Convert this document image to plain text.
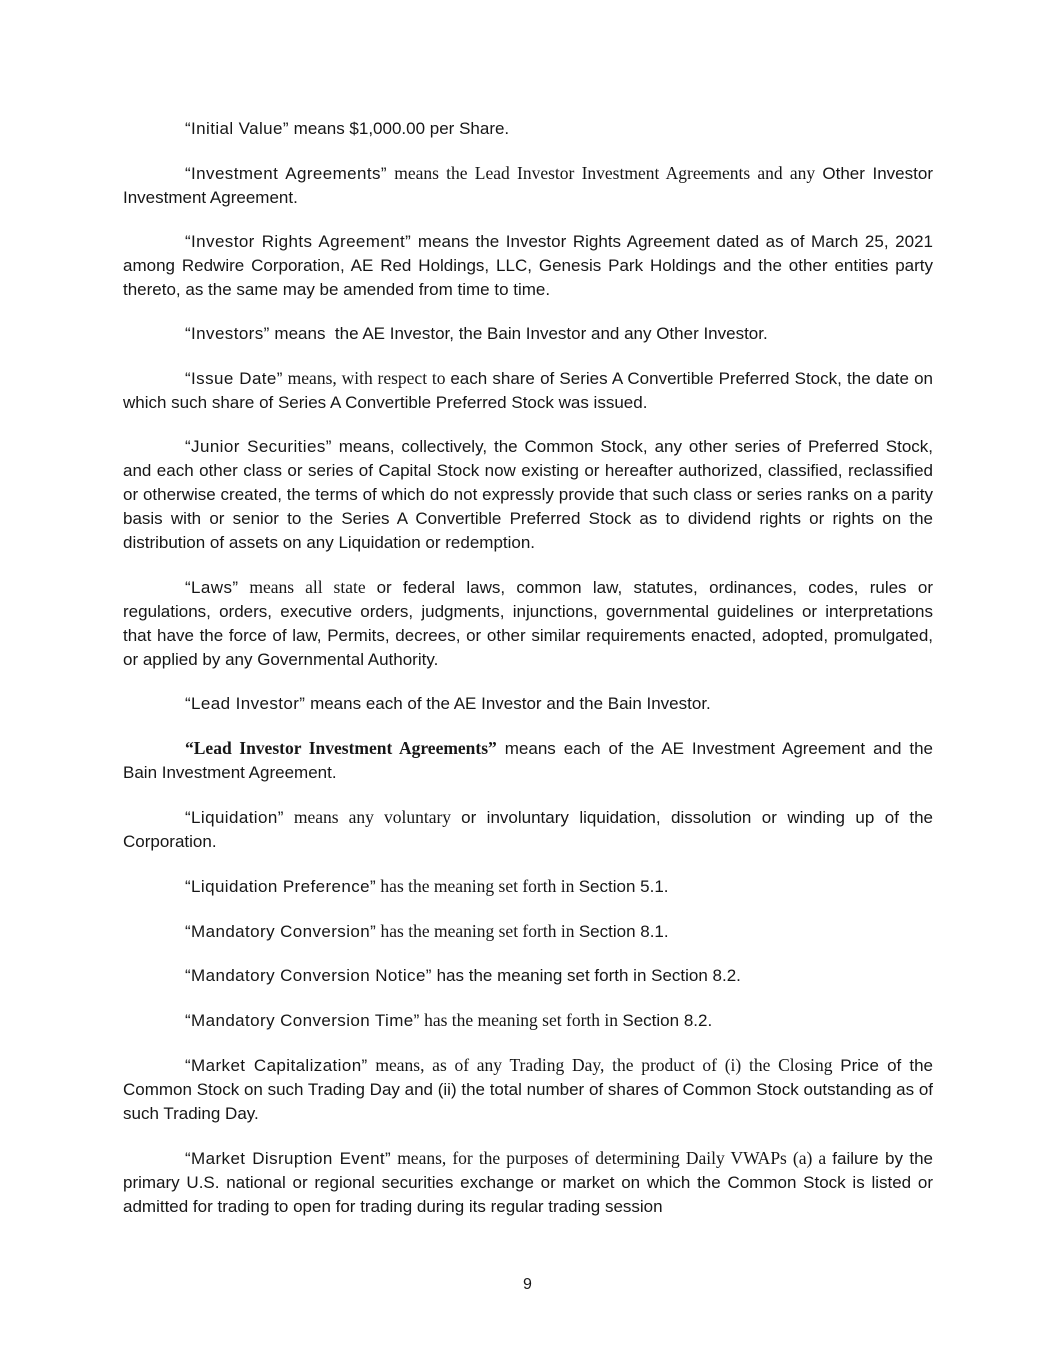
“Initial Value” means $1,000.00 per Share.

“Investment Agreements” means the Lead Investor Investment Agreements and any Other Investor Investment Agreement.

“Investor Rights Agreement” means the Investor Rights Agreement dated as of March 25, 2021 among Redwire Corporation, AE Red Holdings, LLC, Genesis Park Holdings and the other entities party thereto, as the same may be amended from time to time.

“Investors” means  the AE Investor, the Bain Investor and any Other Investor.

“Issue Date” means, with respect to each share of Series A Convertible Preferred Stock, the date on which such share of Series A Convertible Preferred Stock was issued.

“Junior Securities” means, collectively, the Common Stock, any other series of Preferred Stock, and each other class or series of Capital Stock now existing or hereafter authorized, classified, reclassified or otherwise created, the terms of which do not expressly provide that such class or series ranks on a parity basis with or senior to the Series A Convertible Preferred Stock as to dividend rights or rights on the distribution of assets on any Liquidation or redemption.

“Laws” means all state or federal laws, common law, statutes, ordinances, codes, rules or regulations, orders, executive orders, judgments, injunctions, governmental guidelines or interpretations that have the force of law, Permits, decrees, or other similar requirements enacted, adopted, promulgated, or applied by any Governmental Authority.

“Lead Investor” means each of the AE Investor and the Bain Investor.

“Lead Investor Investment Agreements” means each of the AE Investment Agreement and the Bain Investment Agreement.

“Liquidation” means any voluntary or involuntary liquidation, dissolution or winding up of the Corporation.

“Liquidation Preference” has the meaning set forth in Section 5.1.

“Mandatory Conversion” has the meaning set forth in Section 8.1.

“Mandatory Conversion Notice” has the meaning set forth in Section 8.2.

“Mandatory Conversion Time” has the meaning set forth in Section 8.2.

“Market Capitalization” means, as of any Trading Day, the product of (i) the Closing Price of the Common Stock on such Trading Day and (ii) the total number of shares of Common Stock outstanding as of such Trading Day.

“Market Disruption Event” means, for the purposes of determining Daily VWAPs (a) a failure by the primary U.S. national or regional securities exchange or market on which the Common Stock is listed or admitted for trading to open for trading during its regular trading session

9
